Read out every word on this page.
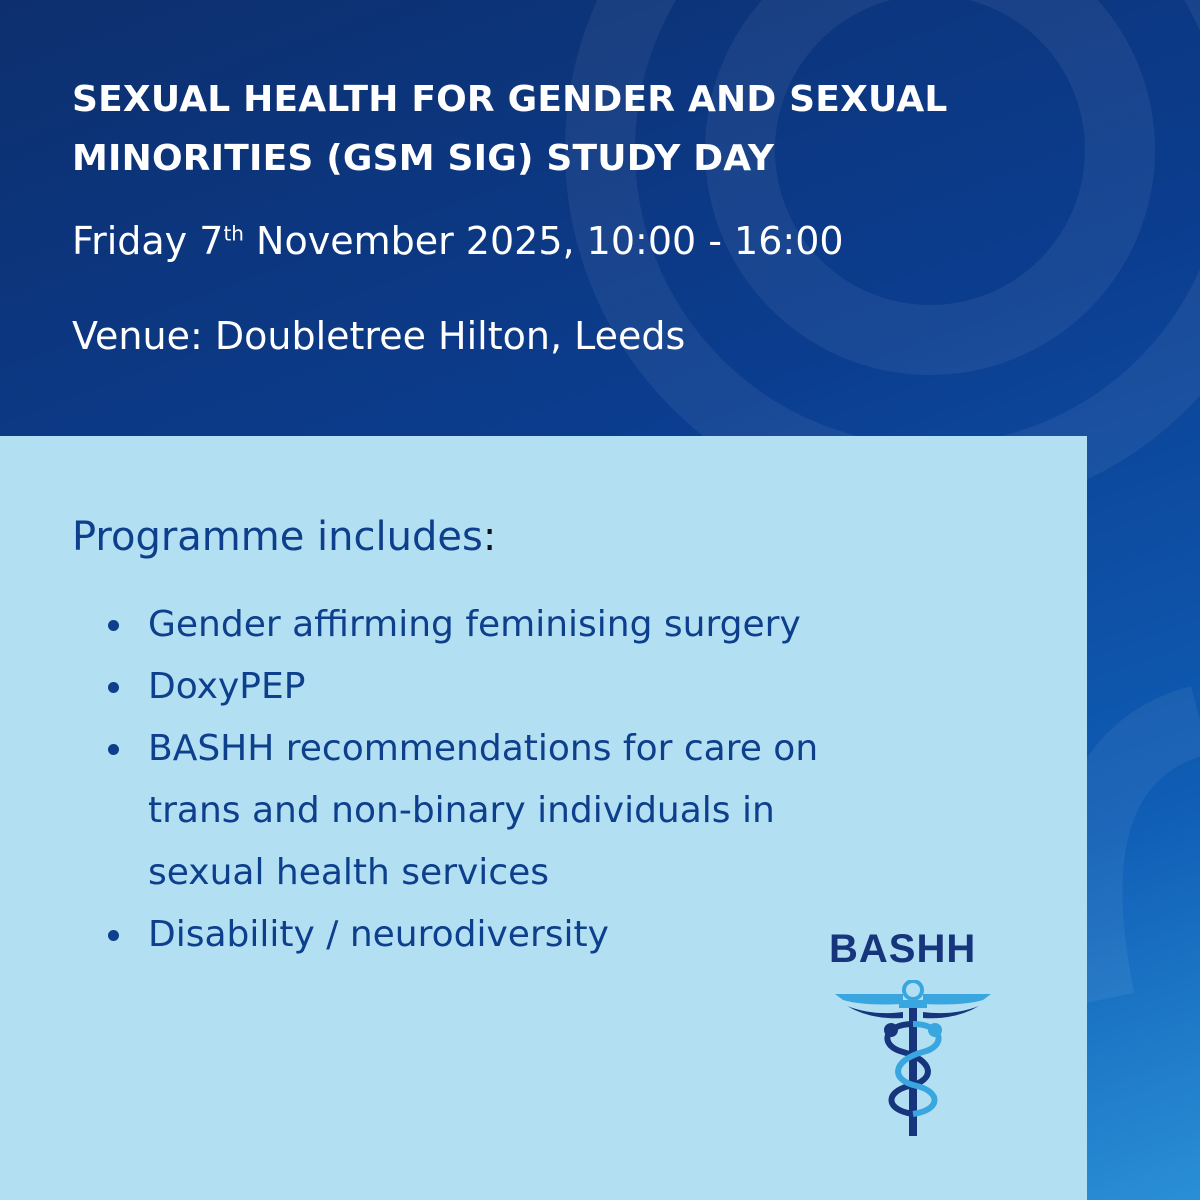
SEXUAL HEALTH FOR GENDER AND SEXUAL MINORITIES (GSM SIG) STUDY DAY
Friday 7th November 2025, 10:00 - 16:00
Venue: Doubletree Hilton, Leeds
Programme includes:
Gender affirming feminising surgery
DoxyPEP
BASHH recommendations for care on trans and non-binary individuals in sexual health services
Disability / neurodiversity	BASHH
